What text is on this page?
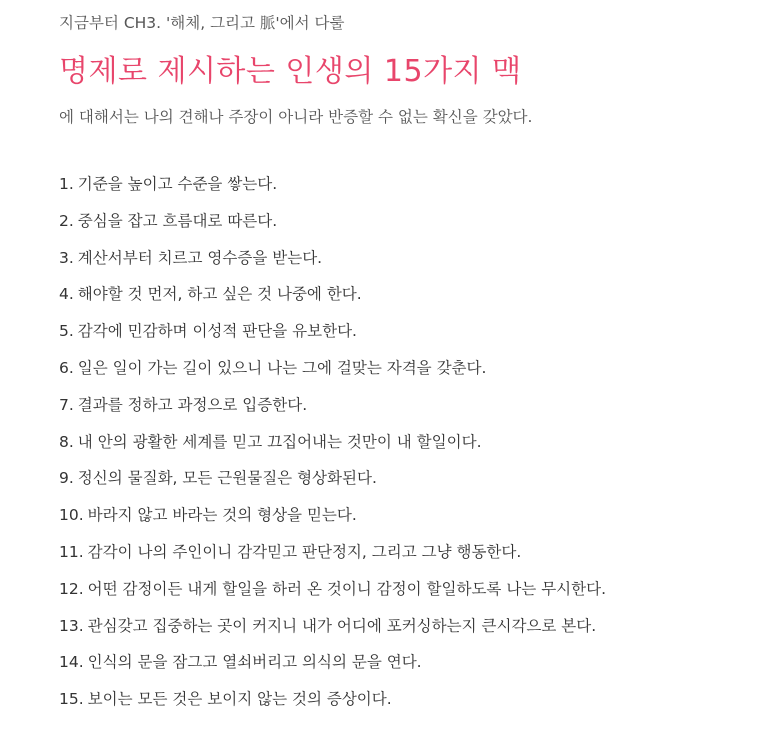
지금부터 CH3. '해체, 그리고 脈'에서 다룰

명제로 제시하는 인생의 15가지 맥

에 대해서는 나의 견해나 주장이 아니라 반증할 수 없는 확신을 갖았다.

1. 기준을 높이고 수준을 쌓는다.
2. 중심을 잡고 흐름대로 따른다.
3. 계산서부터 치르고 영수증을 받는다.
4. 해야할 것 먼저, 하고 싶은 것 나중에 한다.
5. 감각에 민감하며 이성적 판단을 유보한다.
6. 일은 일이 가는 길이 있으니 나는 그에 걸맞는 자격을 갖춘다.
7. 결과를 정하고 과정으로 입증한다.
8. 내 안의 광활한 세계를 믿고 끄집어내는 것만이 내 할일이다.
9. 정신의 물질화, 모든 근원물질은 형상화된다.
10. 바라지 않고 바라는 것의 형상을 믿는다.
11. 감각이 나의 주인이니 감각믿고 판단정지, 그리고 그냥 행동한다.
12. 어떤 감정이든 내게 할일을 하러 온 것이니 감정이 할일하도록 나는 무시한다.
13. 관심갖고 집중하는 곳이 커지니 내가 어디에 포커싱하는지 큰시각으로 본다.
14. 인식의 문을 잠그고 열쇠버리고 의식의 문을 연다.
15. 보이는 모든 것은 보이지 않는 것의 증상이다.
